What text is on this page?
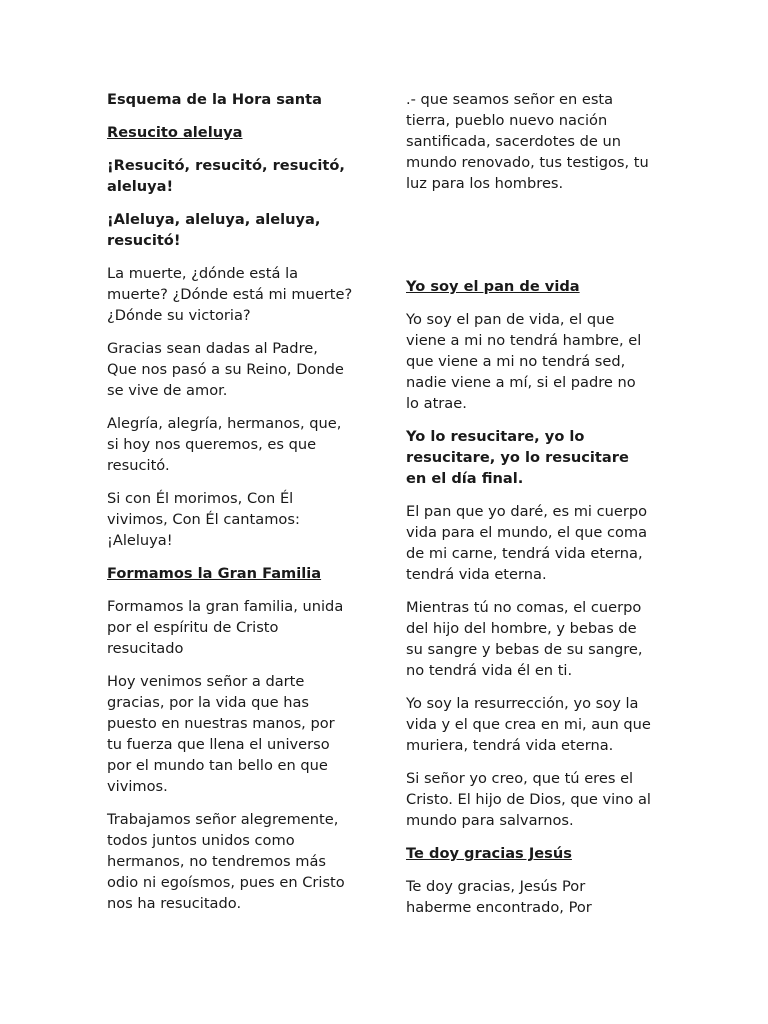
Esquema de la Hora santa

Resucito aleluya

¡Resucitó, resucitó, resucitó,
aleluya!

¡Aleluya, aleluya, aleluya,
resucitó!

La muerte, ¿dónde está la
muerte? ¿Dónde está mi muerte?
¿Dónde su victoria?

Gracias sean dadas al Padre,
Que nos pasó a su Reino, Donde
se vive de amor.

Alegría, alegría, hermanos, que,
si hoy nos queremos, es que
resucitó.

Si con Él morimos, Con Él
vivimos, Con Él cantamos:
¡Aleluya!

Formamos la Gran Familia

Formamos la gran familia, unida
por el espíritu de Cristo
resucitado

Hoy venimos señor a darte
gracias, por la vida que has
puesto en nuestras manos, por
tu fuerza que llena el universo
por el mundo tan bello en que
vivimos.

Trabajamos señor alegremente,
todos juntos unidos como
hermanos, no tendremos más
odio ni egoísmos, pues en Cristo
nos ha resucitado.

.- que seamos señor en esta
tierra, pueblo nuevo nación
santificada, sacerdotes de un
mundo renovado, tus testigos, tu
luz para los hombres.

Yo soy el pan de vida

Yo soy el pan de vida, el que
viene a mi no tendrá hambre, el
que viene a mi no tendrá sed,
nadie viene a mí, si el padre no
lo atrae.

Yo lo resucitare, yo lo
resucitare, yo lo resucitare
en el día final.

El pan que yo daré, es mi cuerpo
vida para el mundo, el que coma
de mi carne, tendrá vida eterna,
tendrá vida eterna.

Mientras tú no comas, el cuerpo
del hijo del hombre, y bebas de
su sangre y bebas de su sangre,
no tendrá vida él en ti.

Yo soy la resurrección, yo soy la
vida y el que crea en mi, aun que
muriera, tendrá vida eterna.

Si señor yo creo, que tú eres el
Cristo. El hijo de Dios, que vino al
mundo para salvarnos.

Te doy gracias Jesús

Te doy gracias, Jesús Por
haberme encontrado, Por
